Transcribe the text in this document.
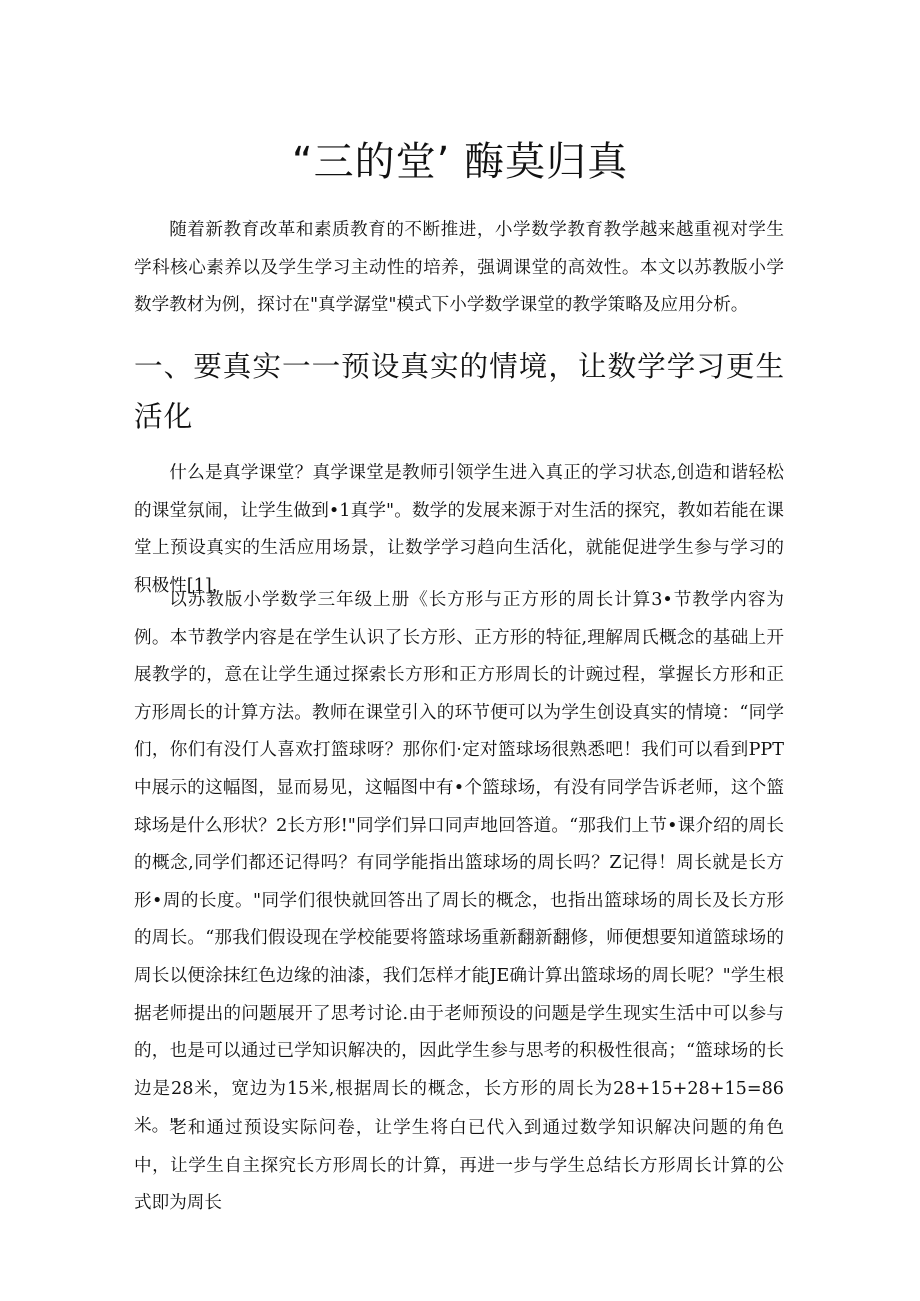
“三的堂’ 酶莫归真

随着新教育改革和素质教育的不断推进，小学数学教育教学越来越重视对学生学科核心素养以及学生学习主动性的培养，强调课堂的高效性。本文以苏教版小学数学教材为例，探讨在"真学潺堂"模式下小学数学课堂的教学策略及应用分析。

一、要真实一一预设真实的情境，让数学学习更生活化

什么是真学课堂？真学课堂是教师引领学生进入真正的学习状态,创造和谐轻松的课堂氛闹，让学生做到•1真学"。数学的发展来源于对生活的探究，教如若能在课堂上预设真实的生活应用场景，让数学学习趋向生活化，就能促进学生参与学习的积极性[1].

以苏教版小学数学三年级上册《长方形与正方形的周长计算3•节教学内容为例。本节教学内容是在学生认识了长方形、正方形的特征,理解周氏概念的基础上开展教学的，意在让学生通过探索长方形和正方形周长的计豌过程，掌握长方形和正方形周长的计算方法。教师在课堂引入的环节便可以为学生创设真实的情境：“同学们，你们有没仃人喜欢打篮球呀？那你们·定对篮球场很熟悉吧！我们可以看到PPT中展示的这幅图，显而易见，这幅图中有•个篮球场，有没有同学告诉老师，这个篮球场是什么形状？2长方形!"同学们异口同声地回答道。“那我们上节•课介绍的周长的概念,同学们都还记得吗？有同学能指出篮球场的周长吗？Z记得！周长就是长方形•周的长度。"同学们很快就回答出了周长的概念，也指出篮球场的周长及长方形的周长。“那我们假设现在学校能要将篮球场重新翻新翻修，师便想要知道篮球场的周长以便涂抹红色边缘的油漆，我们怎样才能JE确计算出篮球场的周长呢？"学生根据老师提出的问题展开了思考讨论.由于老师预设的问题是学生现实生活中可以参与的，也是可以通过已学知识解决的，因此学生参与思考的积极性很高；“篮球场的长边是28米，宽边为15米,根据周长的概念，长方形的周长为28+15+28+15=86米。"

老和通过预设实际问卷，让学生将白已代入到通过数学知识解决问题的角色中，让学生自主探究长方形周长的计算，再进一步与学生总结长方形周长计算的公式即为周长
